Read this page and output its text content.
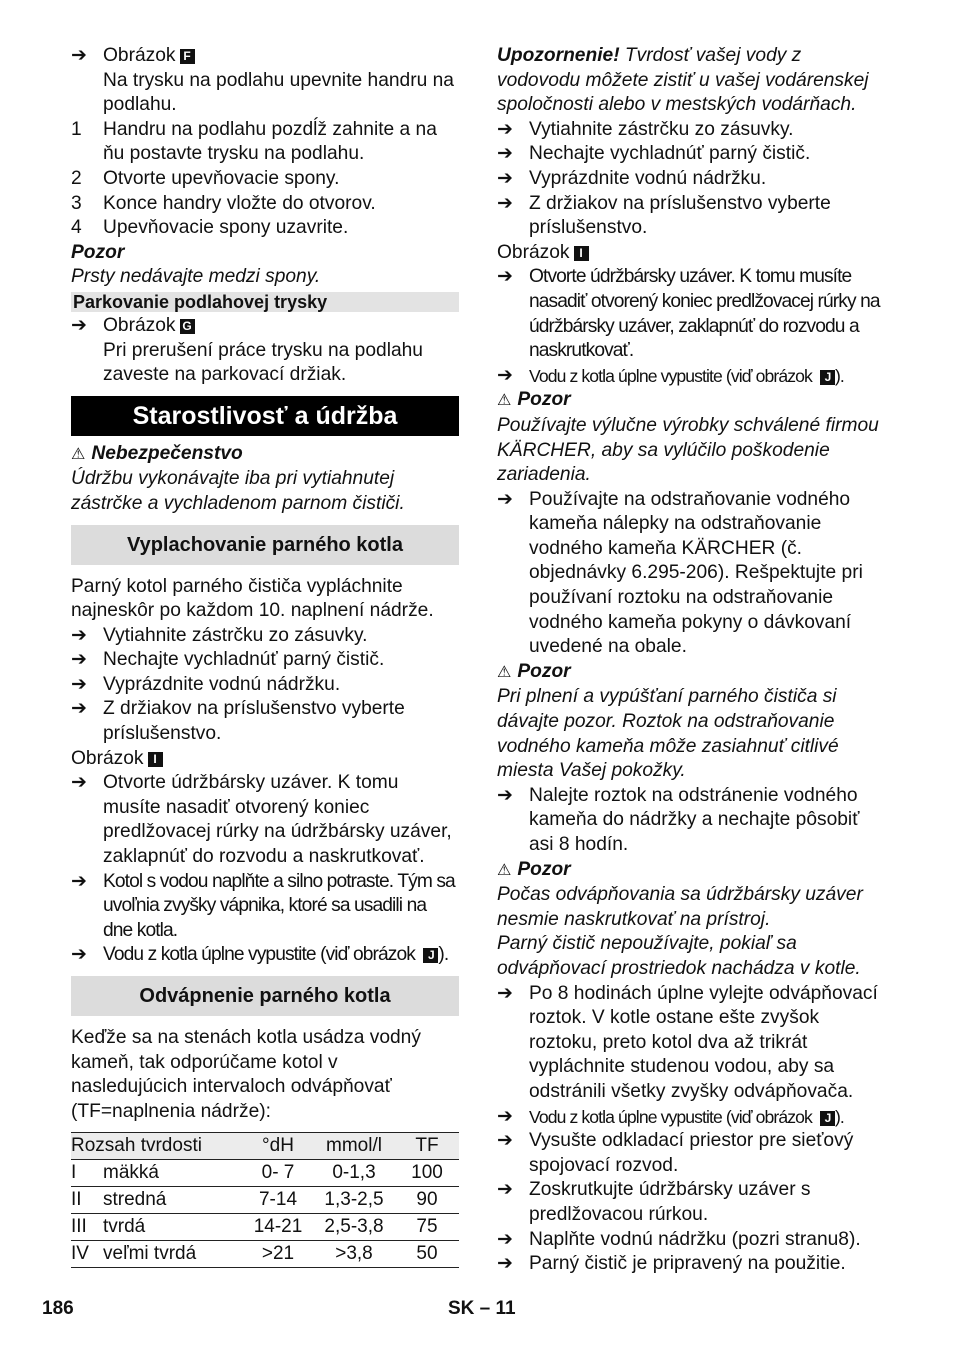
➔ Obrázok F
Na trysku na podlahu upevnite handru na podlahu.
1	Handru na podlahu pozdĺž zahnite a na ňu postavte trysku na podlahu.
2	Otvorte upevňovacie spony.
3	Konce handry vložte do otvorov.
4	Upevňovacie spony uzavrite.
Pozor
Prsty nedávajte medzi spony.
Parkovanie podlahovej trysky
➔ Obrázok G
Pri prerušení práce trysku na podlahu zaveste na parkovací držiak.
Starostlivosť a údržba
⚠ Nebezpečenstvo
Údržbu vykonávajte iba pri vytiahnutej zástrčke a vychladenom parnom čističi.
Vyplachovanie parného kotla
Parný kotol parného čističa vypláchnite najneskôr po každom 10. naplnení nádrže.
➔ Vytiahnite zástrčku zo zásuvky.
➔ Nechajte vychladnúť parný čistič.
➔ Vyprázdnite vodnú nádržku.
➔ Z držiakov na príslušenstvo vyberte príslušenstvo.
Obrázok I
➔ Otvorte údržbársky uzáver. K tomu musíte nasadiť otvorený koniec predlžovacej rúrky na údržbársky uzáver, zaklapnúť do rozvodu a naskrutkovať.
➔ Kotol s vodou naplňte a silno potraste. Tým sa uvoľnia zvyšky vápnika, ktoré sa usadili na dne kotla.
➔ Vodu z kotla úplne vypustite (viď obrázok J ).
Odvápnenie parného kotla
Keďže sa na stenách kotla usádza vodný kameň, tak odporúčame kotol v nasledujúcich intervaloch odvápňovať (TF=naplnenia nádrže):
Rozsah tvrdosti		°dH	mmol/l	TF
I	mäkká	0- 7	0-1,3	100
II	stredná	7-14	1,3-2,5	90
III	tvrdá	14-21	2,5-3,8	75
IV	veľmi tvrdá	>21	>3,8	50
Upozornenie! Tvrdosť vašej vody z vodovodu môžete zistiť u vašej vodárenskej spoločnosti alebo v mestských vodárňach.
➔ Vytiahnite zástrčku zo zásuvky.
➔ Nechajte vychladnúť parný čistič.
➔ Vyprázdnite vodnú nádržku.
➔ Z držiakov na príslušenstvo vyberte príslušenstvo.
Obrázok I
➔ Otvorte údržbársky uzáver. K tomu musíte nasadiť otvorený koniec predlžovacej rúrky na údržbársky uzáver, zaklapnúť do rozvodu a naskrutkovať.
➔ Vodu z kotla úplne vypustite (viď obrázok J ).
⚠ Pozor
Používajte výlučne výrobky schválené firmou KÄRCHER, aby sa vylúčilo poškodenie zariadenia.
➔ Používajte na odstraňovanie vodného kameňa nálepky na odstraňovanie vodného kameňa KÄRCHER (č. objednávky 6.295-206). Rešpektujte pri používaní roztoku na odstraňovanie vodného kameňa pokyny o dávkovaní uvedené na obale.
⚠ Pozor
Pri plnení a vypúšťaní parného čističa si dávajte pozor. Roztok na odstraňovanie vodného kameňa môže zasiahnuť citlivé miesta Vašej pokožky.
➔ Nalejte roztok na odstránenie vodného kameňa do nádržky a nechajte pôsobiť asi 8 hodín.
⚠ Pozor
Počas odvápňovania sa údržbársky uzáver nesmie naskrutkovať na prístroj.
Parný čistič nepoužívajte, pokiaľ sa odvápňovací prostriedok nachádza v kotle.
➔ Po 8 hodinách úplne vylejte odvápňovací roztok. V kotle ostane ešte zvyšok roztoku, preto kotol dva až trikrát vypláchnite studenou vodou, aby sa odstránili všetky zvyšky odvápňovača.
➔ Vodu z kotla úplne vypustite (viď obrázok J ).
➔ Vysušte odkladací priestor pre sieťový spojovací rozvod.
➔ Zoskrutkujte údržbársky uzáver s predlžovacou rúrkou.
➔ Naplňte vodnú nádržku (pozri stranu8).
➔ Parný čistič je pripravený na použitie.
186	SK – 11
